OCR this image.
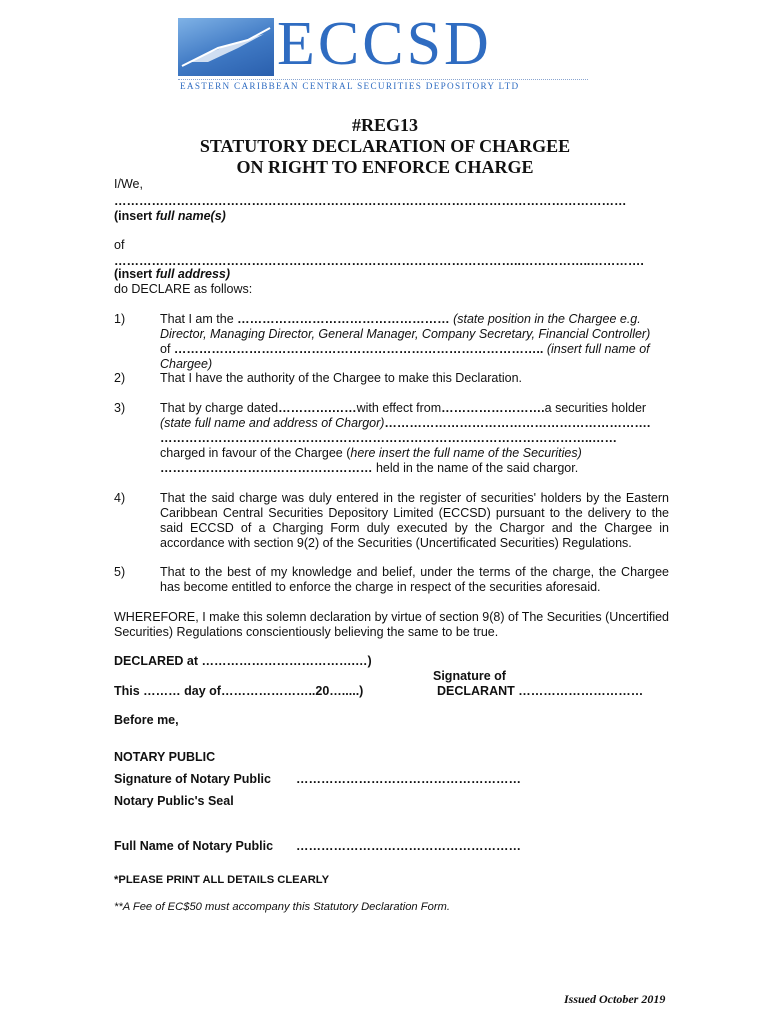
ECCSD
EASTERN CARIBBEAN CENTRAL SECURITIES DEPOSITORY LTD
#REG13
STATUTORY DECLARATION OF CHARGEE
ON RIGHT TO ENFORCE CHARGE
I/We,
……………………………………………………………………………………………………………
(insert full name(s)
of
……………………………………………………………………………………..……………..………….
(insert full address)
do DECLARE as follows:
1)	That I am the …………………………………………… (state position in the Chargee e.g.
Director, Managing Director, General Manager, Company Secretary, Financial Controller)
of …………………………………………………………………………….. (insert full name of
Chargee)
2)	That I have the authority of the Chargee to make this Declaration.
3)	That by charge dated………….……with effect from…………………….a securities holder
(state full name and address of Chargor)……………………………………………………….
…………………………………………………………………………………………..……
charged in favour of the Chargee (here insert the full name of the Securities)
…………………………………………… held in the name of the said chargor.
4)	That the said charge was duly entered in the register of securities' holders by the Eastern Caribbean Central Securities Depository Limited (ECCSD) pursuant to the delivery to the said ECCSD of a Charging Form duly executed by the Chargor and the Chargee in accordance with section 9(2) of the Securities (Uncertificated Securities) Regulations.
5)	That to the best of my knowledge and belief, under the terms of the charge, the Chargee has become entitled to enforce the charge in respect of the securities aforesaid.
WHEREFORE, I make this solemn declaration by virtue of section 9(8) of The Securities (Uncertified Securities) Regulations conscientiously believing the same to be true.
DECLARED at ……………………………….…)
Signature of
This ……… day of…………………..20….....)	DECLARANT …………………………
Before me,
NOTARY PUBLIC
Signature of Notary Public ………………………………………………
Notary Public's Seal
Full Name of Notary Public ………………………………………………
*PLEASE PRINT ALL DETAILS CLEARLY
**A Fee of EC$50 must accompany this Statutory Declaration Form.
Issued October 2019
